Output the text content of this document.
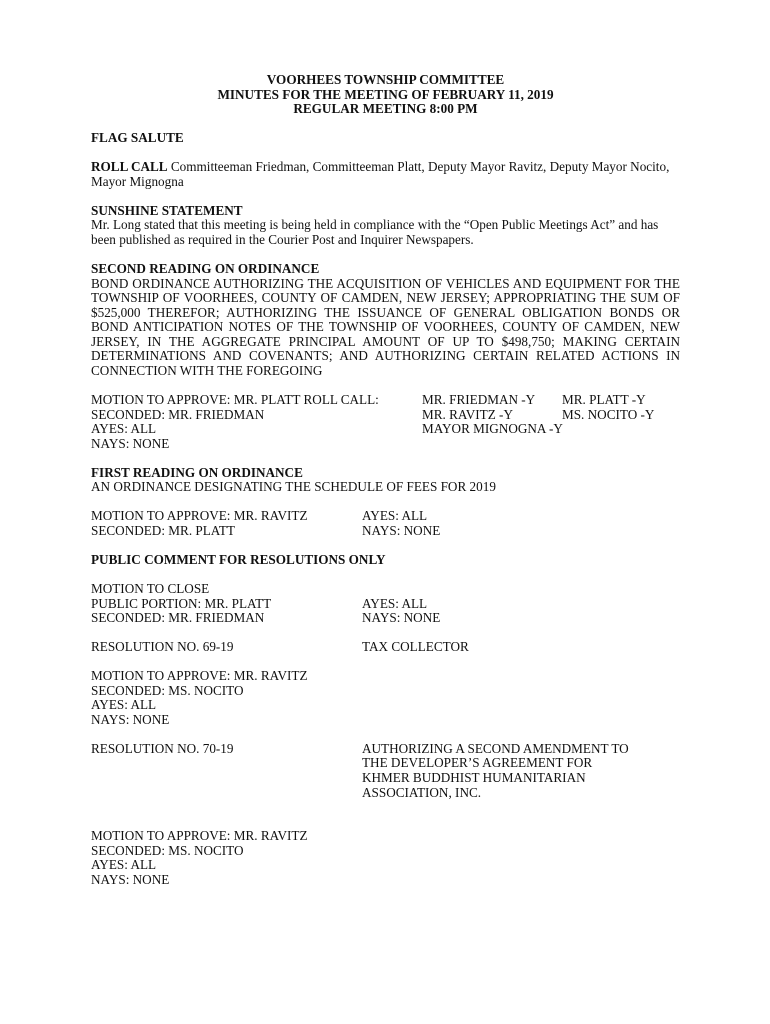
VOORHEES TOWNSHIP COMMITTEE

MINUTES FOR THE MEETING OF FEBRUARY 11, 2019

REGULAR MEETING 8:00 PM

FLAG SALUTE

ROLL CALL Committeeman Friedman, Committeeman Platt, Deputy Mayor Ravitz, Deputy Mayor Nocito, Mayor Mignogna

SUNSHINE STATEMENT

Mr. Long stated that this meeting is being held in compliance with the “Open Public Meetings Act” and has been published as required in the Courier Post and Inquirer Newspapers.

SECOND READING ON ORDINANCE

BOND ORDINANCE AUTHORIZING THE ACQUISITION OF VEHICLES AND EQUIPMENT FOR THE TOWNSHIP OF VOORHEES, COUNTY OF CAMDEN, NEW JERSEY; APPROPRIATING THE SUM OF $525,000 THEREFOR; AUTHORIZING THE ISSUANCE OF GENERAL OBLIGATION BONDS OR BOND ANTICIPATION NOTES OF THE TOWNSHIP OF VOORHEES, COUNTY OF CAMDEN, NEW JERSEY, IN THE AGGREGATE PRINCIPAL AMOUNT OF UP TO $498,750; MAKING CERTAIN DETERMINATIONS AND COVENANTS; AND AUTHORIZING CERTAIN RELATED ACTIONS IN CONNECTION WITH THE FOREGOING

MOTION TO APPROVE: MR. PLATT ROLL CALL:	MR. FRIEDMAN -Y	MR. PLATT -Y
SECONDED: MR. FRIEDMAN	MR. RAVITZ -Y	MS. NOCITO -Y
AYES: ALL	MAYOR MIGNOGNA -Y

NAYS: NONE

FIRST READING ON ORDINANCE

AN ORDINANCE DESIGNATING THE SCHEDULE OF FEES FOR 2019

MOTION TO APPROVE: MR. RAVITZ	AYES: ALL
SECONDED: MR. PLATT	NAYS: NONE

PUBLIC COMMENT FOR RESOLUTIONS ONLY

MOTION TO CLOSE

PUBLIC PORTION: MR. PLATT	AYES: ALL
SECONDED: MR. FRIEDMAN	NAYS: NONE
RESOLUTION NO. 69-19	TAX COLLECTOR

MOTION TO APPROVE: MR. RAVITZ

SECONDED: MS. NOCITO

AYES: ALL

NAYS: NONE

RESOLUTION NO. 70-19	AUTHORIZING A SECOND AMENDMENT TO

THE DEVELOPER’S AGREEMENT FOR

KHMER BUDDHIST HUMANITARIAN

ASSOCIATION, INC.

MOTION TO APPROVE: MR. RAVITZ

SECONDED: MS. NOCITO

AYES: ALL

NAYS: NONE
